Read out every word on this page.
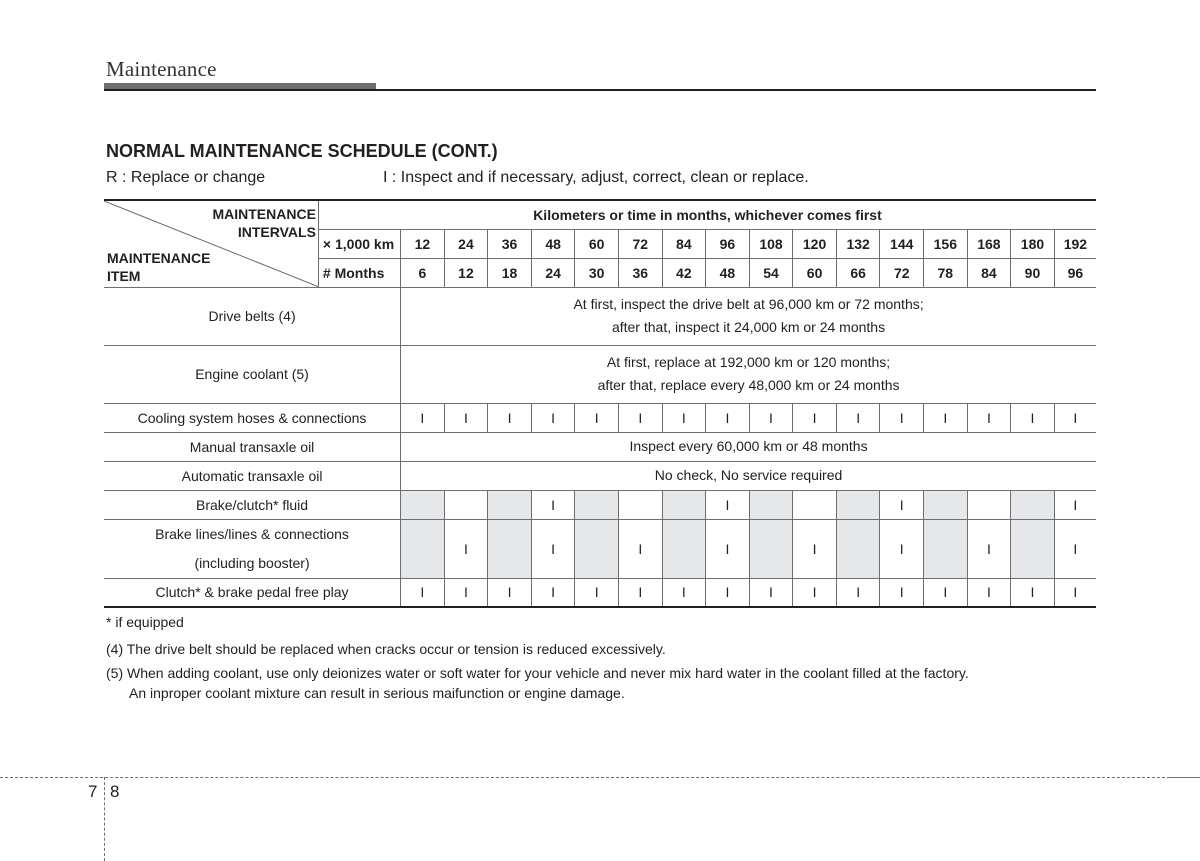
Maintenance
NORMAL MAINTENANCE SCHEDULE (CONT.)
R : Replace or change	I : Inspect and if necessary, adjust, correct, clean or replace.
MAINTENANCE
INTERVALS
MAINTENANCE
ITEM	Kilometers or time in months, whichever comes first																
	× 1,000 km	12	24	36	48	60	72	84	96	108	120	132	144	156	168	180	192
	# Months	6	12	18	24	30	36	42	48	54	60	66	72	78	84	90	96
Drive belts (4)		At first, inspect the drive belt at 96,000 km or 72 months;
after that, inspect it 24,000 km or 24 months															

Engine coolant (5)		At first, replace at 192,000 km or 120 months;
after that, replace every 48,000 km or 24 months															

Cooling system hoses & connections		I	I	I	I	I	I	I	I	I	I	I	I	I	I	I	I
Manual transaxle oil		Inspect every 60,000 km or 48 months															

Automatic transaxle oil		No check, No service required															

Brake/clutch* fluid					I				I				I				I

Brake lines/lines & connections
(including booster)			I		I		I		I		I		I		I		I
Clutch* & brake pedal free play		I	I	I	I	I	I	I	I	I	I	I	I	I	I	I	I
* if equipped
(4) The drive belt should be replaced when cracks occur or tension is reduced excessively.
(5) When adding coolant, use only deionizes water or soft water for your vehicle and never mix hard water in the coolant filled at the factory.
An inproper coolant mixture can result in serious maifunction or engine damage.
7 8
